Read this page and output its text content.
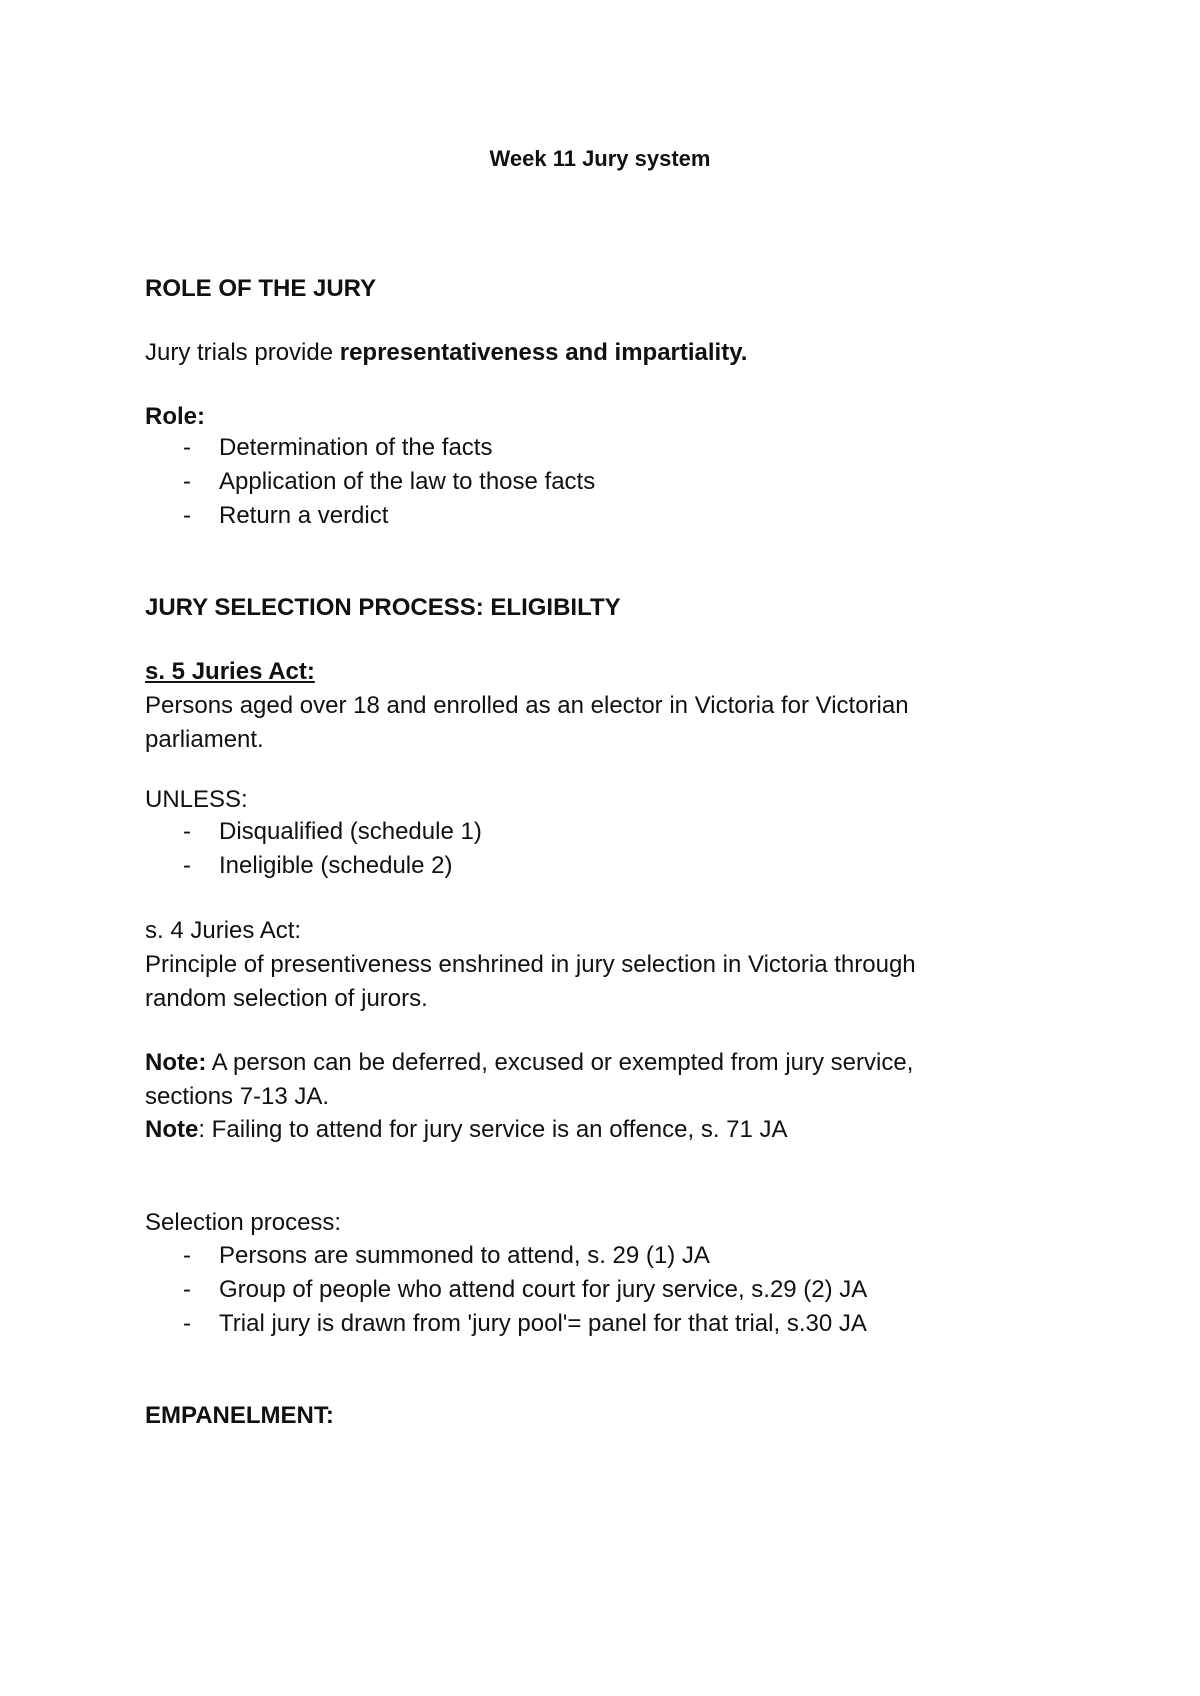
Week 11 Jury system
ROLE OF THE JURY
Jury trials provide representativeness and impartiality.
Role:
- Determination of the facts
- Application of the law to those facts
- Return a verdict
JURY SELECTION PROCESS: ELIGIBILTY
s. 5 Juries Act:
Persons aged over 18 and enrolled as an elector in Victoria for Victorian
parliament.
UNLESS:
- Disqualified (schedule 1)
- Ineligible (schedule 2)
s. 4 Juries Act:
Principle of presentiveness enshrined in jury selection in Victoria through
random selection of jurors.
Note: A person can be deferred, excused or exempted from jury service,
sections 7-13 JA.
Note: Failing to attend for jury service is an offence, s. 71 JA
Selection process:
- Persons are summoned to attend, s. 29 (1) JA
- Group of people who attend court for jury service, s.29 (2) JA
- Trial jury is drawn from 'jury pool'= panel for that trial, s.30 JA
EMPANELMENT:
